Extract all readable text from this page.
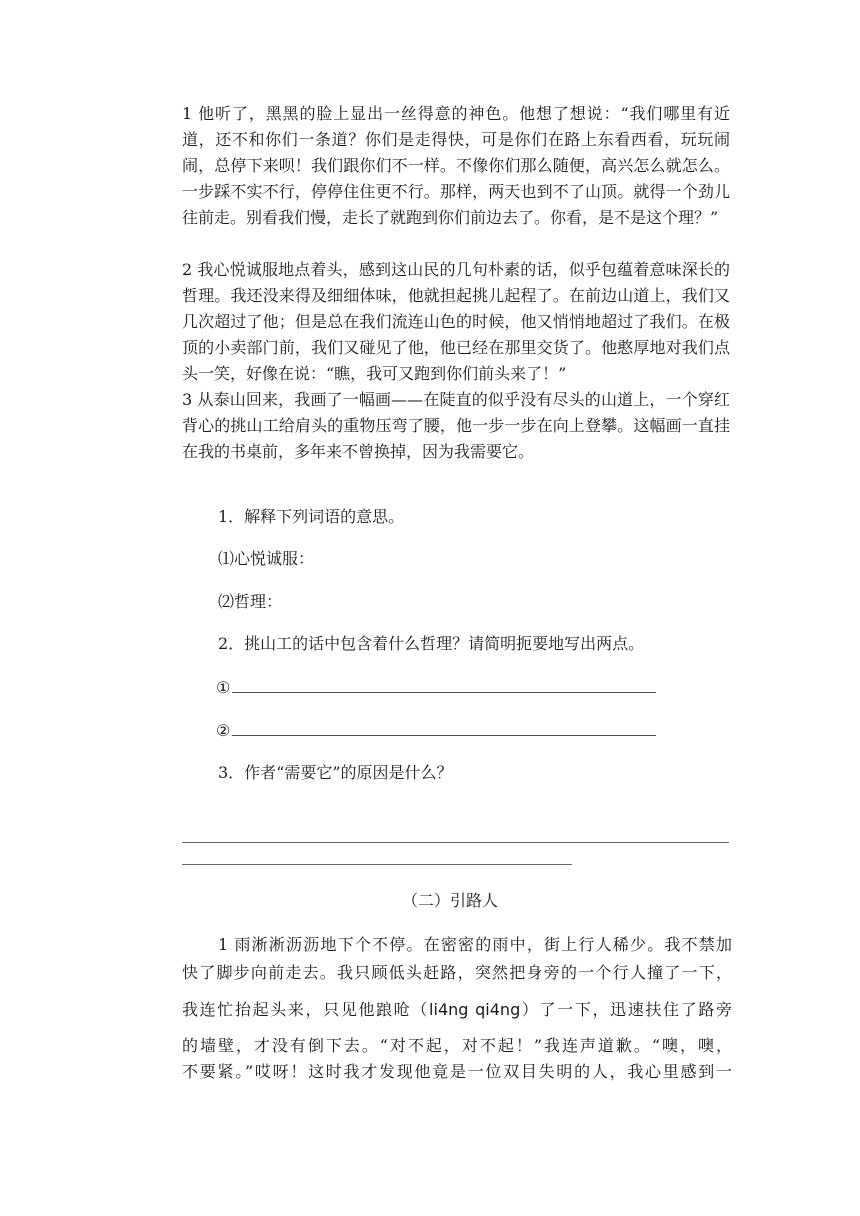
1 他听了，黑黑的脸上显出一丝得意的神色。他想了想说：“我们哪里有近道，还不和你们一条道？你们是走得快，可是你们在路上东看西看，玩玩闹闹，总停下来呗！我们跟你们不一样。不像你们那么随便，高兴怎么就怎么。一步踩不实不行，停停住住更不行。那样，两天也到不了山顶。就得一个劲儿往前走。别看我们慢，走长了就跑到你们前边去了。你看，是不是这个理？”

2 我心悦诚服地点着头，感到这山民的几句朴素的话，似乎包蕴着意味深长的哲理。我还没来得及细细体味，他就担起挑儿起程了。在前边山道上，我们又几次超过了他；但是总在我们流连山色的时候，他又悄悄地超过了我们。在极顶的小卖部门前，我们又碰见了他，他已经在那里交货了。他憨厚地对我们点头一笑，好像在说：“瞧，我可又跑到你们前头来了！”

3 从泰山回来，我画了一幅画——在陡直的似乎没有尽头的山道上，一个穿红背心的挑山工给肩头的重物压弯了腰，他一步一步在向上登攀。这幅画一直挂在我的书桌前，多年来不曾换掉，因为我需要它。

1．解释下列词语的意思。
⑴心悦诚服：
⑵哲理：
2．挑山工的话中包含着什么哲理？请简明扼要地写出两点。
①
②
3．作者“需要它”的原因是什么？
（二）引路人
1 雨淅淅沥沥地下个不停。在密密的雨中，街上行人稀少。我不禁加
快了脚步向前走去。我只顾低头赶路，突然把身旁的一个行人撞了一下，
我连忙抬起头来，只见他踉呛（li4ng qi4ng）了一下，迅速扶住了路旁
的墙壁，才没有倒下去。“对不起，对不起！”我连声道歉。“噢，噢，
不要紧。”哎呀！这时我才发现他竟是一位双目失明的人，我心里感到一
